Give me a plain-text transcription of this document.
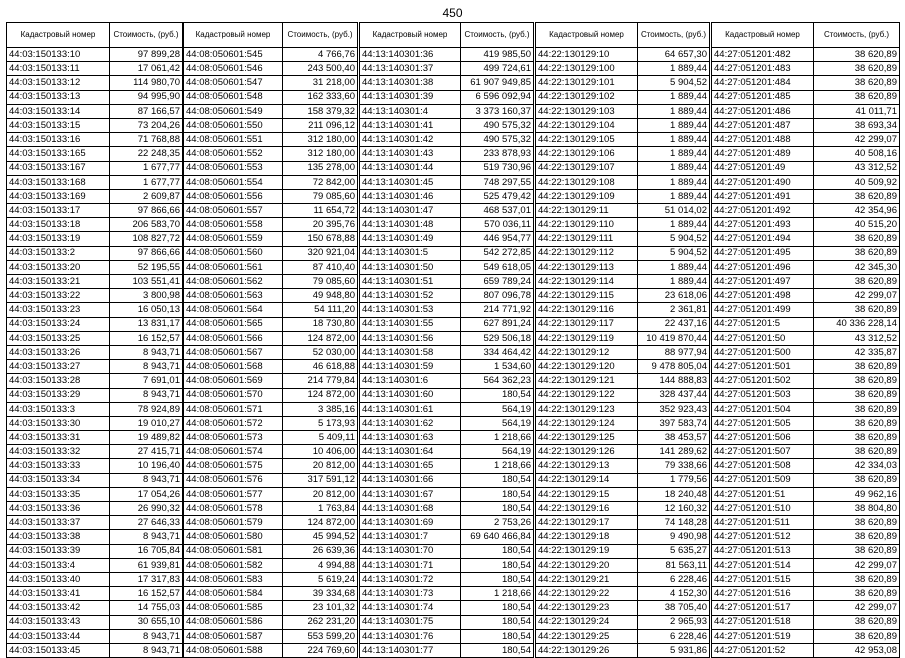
450
Кадастровый номер	Стоимость, (руб.)
44:03:150133:10	97 899,28
44:03:150133:11	17 061,42
44:03:150133:12	114 980,70
44:03:150133:13	94 995,90
44:03:150133:14	87 166,57
44:03:150133:15	73 204,26
44:03:150133:16	71 768,88
44:03:150133:165	22 248,35
44:03:150133:167	1 677,77
44:03:150133:168	1 677,77
44:03:150133:169	2 609,87
44:03:150133:17	97 866,66
44:03:150133:18	206 583,70
44:03:150133:19	108 827,72
44:03:150133:2	97 866,66
44:03:150133:20	52 195,55
44:03:150133:21	103 551,41
44:03:150133:22	3 800,98
44:03:150133:23	16 050,13
44:03:150133:24	13 831,17
44:03:150133:25	16 152,57
44:03:150133:26	8 943,71
44:03:150133:27	8 943,71
44:03:150133:28	7 691,01
44:03:150133:29	8 943,71
44:03:150133:3	78 924,89
44:03:150133:30	19 010,27
44:03:150133:31	19 489,82
44:03:150133:32	27 415,71
44:03:150133:33	10 196,40
44:03:150133:34	8 943,71
44:03:150133:35	17 054,26
44:03:150133:36	26 990,32
44:03:150133:37	27 646,33
44:03:150133:38	8 943,71
44:03:150133:39	16 705,84
44:03:150133:4	61 939,81
44:03:150133:40	17 317,83
44:03:150133:41	16 152,57
44:03:150133:42	14 755,03
44:03:150133:43	30 655,10
44:03:150133:44	8 943,71
44:03:150133:45	8 943,71
Кадастровый номер	Стоимость, (руб.)
44:08:050601:545	4 766,76
44:08:050601:546	243 500,40
44:08:050601:547	31 218,00
44:08:050601:548	162 333,60
44:08:050601:549	158 379,32
44:08:050601:550	211 096,12
44:08:050601:551	312 180,00
44:08:050601:552	312 180,00
44:08:050601:553	135 278,00
44:08:050601:554	72 842,00
44:08:050601:556	79 085,60
44:08:050601:557	11 654,72
44:08:050601:558	20 395,76
44:08:050601:559	150 678,88
44:08:050601:560	320 921,04
44:08:050601:561	87 410,40
44:08:050601:562	79 085,60
44:08:050601:563	49 948,80
44:08:050601:564	54 111,20
44:08:050601:565	18 730,80
44:08:050601:566	124 872,00
44:08:050601:567	52 030,00
44:08:050601:568	46 618,88
44:08:050601:569	214 779,84
44:08:050601:570	124 872,00
44:08:050601:571	3 385,16
44:08:050601:572	5 173,93
44:08:050601:573	5 409,11
44:08:050601:574	10 406,00
44:08:050601:575	20 812,00
44:08:050601:576	317 591,12
44:08:050601:577	20 812,00
44:08:050601:578	1 763,84
44:08:050601:579	124 872,00
44:08:050601:580	45 994,52
44:08:050601:581	26 639,36
44:08:050601:582	4 994,88
44:08:050601:583	5 619,24
44:08:050601:584	39 334,68
44:08:050601:585	23 101,32
44:08:050601:586	262 231,20
44:08:050601:587	553 599,20
44:08:050601:588	224 769,60
Кадастровый номер	Стоимость, (руб.)
44:13:140301:36	419 985,50
44:13:140301:37	499 724,61
44:13:140301:38	61 907 949,85
44:13:140301:39	6 596 092,94
44:13:140301:4	3 373 160,37
44:13:140301:41	490 575,32
44:13:140301:42	490 575,32
44:13:140301:43	233 878,93
44:13:140301:44	519 730,96
44:13:140301:45	748 297,55
44:13:140301:46	525 479,42
44:13:140301:47	468 537,01
44:13:140301:48	570 036,11
44:13:140301:49	446 954,77
44:13:140301:5	542 272,85
44:13:140301:50	549 618,05
44:13:140301:51	659 789,24
44:13:140301:52	807 096,78
44:13:140301:53	214 771,92
44:13:140301:55	627 891,24
44:13:140301:56	529 506,18
44:13:140301:58	334 464,42
44:13:140301:59	1 534,60
44:13:140301:6	564 362,23
44:13:140301:60	180,54
44:13:140301:61	564,19
44:13:140301:62	564,19
44:13:140301:63	1 218,66
44:13:140301:64	564,19
44:13:140301:65	1 218,66
44:13:140301:66	180,54
44:13:140301:67	180,54
44:13:140301:68	180,54
44:13:140301:69	2 753,26
44:13:140301:7	69 640 466,84
44:13:140301:70	180,54
44:13:140301:71	180,54
44:13:140301:72	180,54
44:13:140301:73	1 218,66
44:13:140301:74	180,54
44:13:140301:75	180,54
44:13:140301:76	180,54
44:13:140301:77	180,54
Кадастровый номер	Стоимость, (руб.)
44:22:130129:10	64 657,30
44:22:130129:100	1 889,44
44:22:130129:101	5 904,52
44:22:130129:102	1 889,44
44:22:130129:103	1 889,44
44:22:130129:104	1 889,44
44:22:130129:105	1 889,44
44:22:130129:106	1 889,44
44:22:130129:107	1 889,44
44:22:130129:108	1 889,44
44:22:130129:109	1 889,44
44:22:130129:11	51 014,02
44:22:130129:110	1 889,44
44:22:130129:111	5 904,52
44:22:130129:112	5 904,52
44:22:130129:113	1 889,44
44:22:130129:114	1 889,44
44:22:130129:115	23 618,06
44:22:130129:116	2 361,81
44:22:130129:117	22 437,16
44:22:130129:119	10 419 870,44
44:22:130129:12	88 977,94
44:22:130129:120	9 478 805,04
44:22:130129:121	144 888,83
44:22:130129:122	328 437,44
44:22:130129:123	352 923,43
44:22:130129:124	397 583,74
44:22:130129:125	38 453,57
44:22:130129:126	141 289,62
44:22:130129:13	79 338,66
44:22:130129:14	1 779,56
44:22:130129:15	18 240,48
44:22:130129:16	12 160,32
44:22:130129:17	74 148,28
44:22:130129:18	9 490,98
44:22:130129:19	5 635,27
44:22:130129:20	81 563,11
44:22:130129:21	6 228,46
44:22:130129:22	4 152,30
44:22:130129:23	38 705,40
44:22:130129:24	2 965,93
44:22:130129:25	6 228,46
44:22:130129:26	5 931,86
Кадастровый номер	Стоимость, (руб.)
44:27:051201:482	38 620,89
44:27:051201:483	38 620,89
44:27:051201:484	38 620,89
44:27:051201:485	38 620,89
44:27:051201:486	41 011,71
44:27:051201:487	38 693,34
44:27:051201:488	42 299,07
44:27:051201:489	40 508,16
44:27:051201:49	43 312,52
44:27:051201:490	40 509,92
44:27:051201:491	38 620,89
44:27:051201:492	42 354,96
44:27:051201:493	40 515,20
44:27:051201:494	38 620,89
44:27:051201:495	38 620,89
44:27:051201:496	42 345,30
44:27:051201:497	38 620,89
44:27:051201:498	42 299,07
44:27:051201:499	38 620,89
44:27:051201:5	40 336 228,14
44:27:051201:50	43 312,52
44:27:051201:500	42 335,87
44:27:051201:501	38 620,89
44:27:051201:502	38 620,89
44:27:051201:503	38 620,89
44:27:051201:504	38 620,89
44:27:051201:505	38 620,89
44:27:051201:506	38 620,89
44:27:051201:507	38 620,89
44:27:051201:508	42 334,03
44:27:051201:509	38 620,89
44:27:051201:51	49 962,16
44:27:051201:510	38 804,80
44:27:051201:511	38 620,89
44:27:051201:512	38 620,89
44:27:051201:513	38 620,89
44:27:051201:514	42 299,07
44:27:051201:515	38 620,89
44:27:051201:516	38 620,89
44:27:051201:517	42 299,07
44:27:051201:518	38 620,89
44:27:051201:519	38 620,89
44:27:051201:52	42 953,08
